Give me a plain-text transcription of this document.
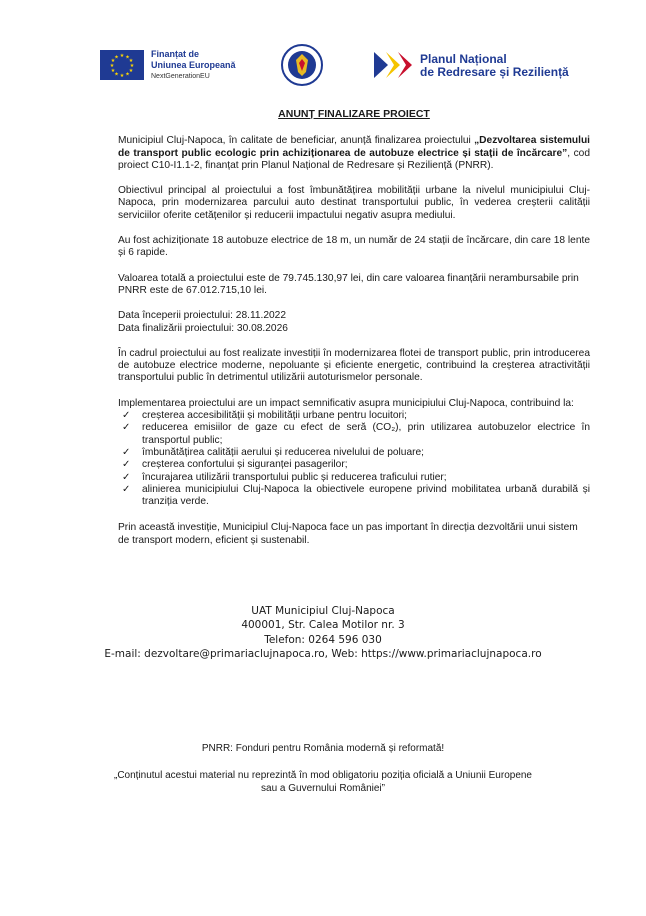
★ ★
★
★
★
★
★
★
★
★
★
★	Finanțat de
Uniunea Europeană
NextGenerationEU
Planul Național
de Redresare și Reziliență
ANUNȚ FINALIZARE PROIECT

Municipiul Cluj-Napoca, în calitate de beneficiar, anunță finalizarea proiectului „Dezvoltarea sistemului de transport public ecologic prin achiziționarea de autobuze electrice și stații de încărcare”, cod proiect C10-I1.1-2, finanțat prin Planul Național de Redresare și Reziliență (PNRR).

Obiectivul principal al proiectului a fost îmbunătățirea mobilității urbane la nivelul municipiului Cluj-Napoca, prin modernizarea parcului auto destinat transportului public, în vederea creșterii calității serviciilor oferite cetățenilor și reducerii impactului negativ asupra mediului.

Au fost achiziționate 18 autobuze electrice de 18 m, un număr de 24 stații de încărcare, din care 18 lente și 6 rapide.

Valoarea totală a proiectului este de 79.745.130,97 lei, din care valoarea finanțării nerambursabile prin PNRR este de 67.012.715,10 lei.

Data începerii proiectului: 28.11.2022
Data finalizării proiectului: 30.08.2026

În cadrul proiectului au fost realizate investiții în modernizarea flotei de transport public, prin introducerea de autobuze electrice moderne, nepoluante și eficiente energetic, contribuind la creșterea atractivității transportului public în detrimentul utilizării autoturismelor personale.

Implementarea proiectului are un impact semnificativ asupra municipiului Cluj-Napoca, contribuind la:

✓ creșterea accesibilității și mobilității urbane pentru locuitori;
✓ reducerea emisiilor de gaze cu efect de seră (CO₂), prin utilizarea autobuzelor electrice în transportul public;
✓ îmbunătățirea calității aerului și reducerea nivelului de poluare;
✓ creșterea confortului și siguranței pasagerilor;
✓ încurajarea utilizării transportului public și reducerea traficului rutier;
✓ alinierea municipiului Cluj-Napoca la obiectivele europene privind mobilitatea urbană durabilă și tranziția verde.

Prin această investiție, Municipiul Cluj-Napoca face un pas important în direcția dezvoltării unui sistem de transport modern, eficient și sustenabil.

UAT Municipiul Cluj-Napoca
400001, Str. Calea Motilor nr. 3
Telefon: 0264 596 030
E-mail: dezvoltare@primariaclujnapoca.ro, Web: https://www.primariaclujnapoca.ro
PNRR: Fonduri pentru România modernă și reformată!
„Conținutul acestui material nu reprezintă în mod obligatoriu poziția oficială a Uniunii Europene sau a Guvernului României”
